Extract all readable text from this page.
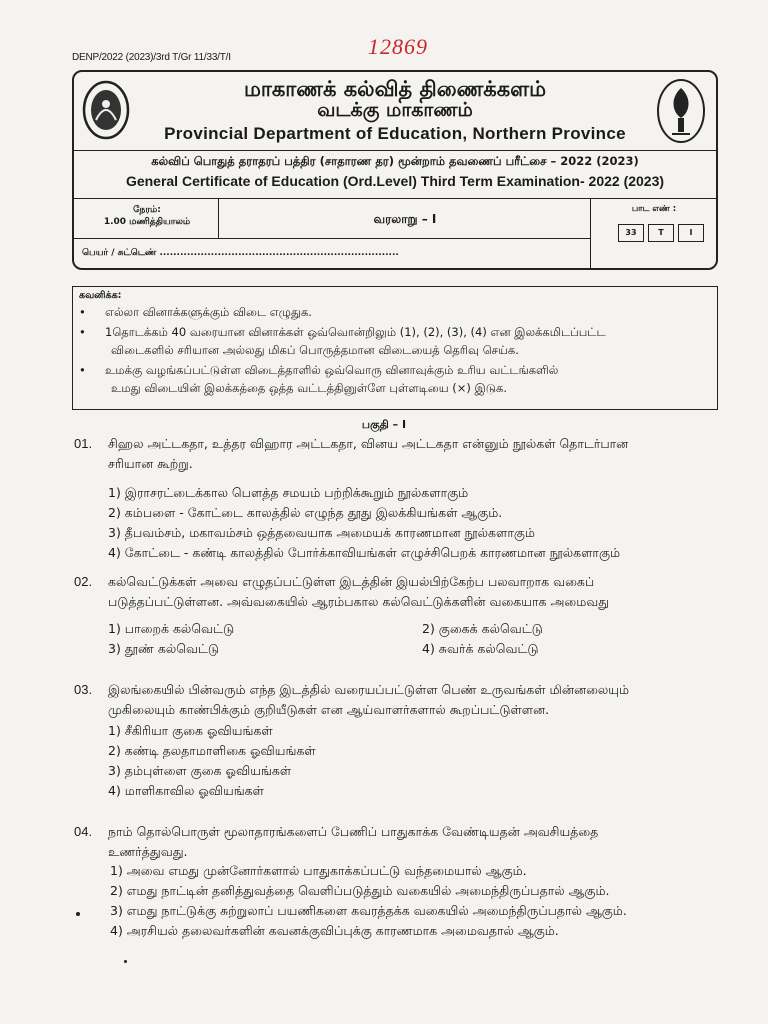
DENP/2022 (2023)/3rd T/Gr 11/33/T/I	12869
மாகாணக் கல்வித் திணைக்களம்
வடக்கு மாகாணம்
Provincial Department of Education, Northern Province
கல்விப் பொதுத் தராதரப் பத்திர (சாதாரண தர) மூன்றாம் தவணைப் பரீட்சை – 2022 (2023)
General Certificate of Education (Ord.Level) Third Term Examination- 2022 (2023)
நேரம்:
1.00 மணித்தியாலம்	வரலாறு – I
பாட எண் :
33	T	I
பெயர் / சுட்டெண் ......................................................................
கவனிக்க:
• எல்லா வினாக்களுக்கும் விடை எழுதுக.
• 1தொடக்கம் 40 வரையான வினாக்கள் ஒவ்வொன்றிலும் (1), (2), (3), (4) என இலக்கமிடப்பட்ட
விடைகளில் சரியான அல்லது மிகப் பொருத்தமான விடையைத் தெரிவு செய்க.
• உமக்கு வழங்கப்பட்டுள்ள விடைத்தாளில் ஒவ்வொரு வினாவுக்கும் உரிய வட்டங்களில்
உமது விடையின் இலக்கத்தை ஒத்த வட்டத்தினுள்ளே புள்ளடியை (×) இடுக.
பகுதி – I
01. சிஹல அட்டகதா, உத்தர விஹார அட்டகதா, வினய அட்டகதா என்னும் நூல்கள் தொடர்பான
சரியான கூற்று.
1) இராசரட்டைக்கால பௌத்த சமயம் பற்றிக்கூறும் நூல்களாகும்
2) கம்பளை - கோட்டை காலத்தில் எழுந்த தூது இலக்கியங்கள் ஆகும்.
3) தீபவம்சம், மகாவம்சம் ஒத்தவையாக அமையக் காரணமான நூல்களாகும்
4) கோட்டை - கண்டி காலத்தில் போர்க்காவியங்கள் எழுச்சிபெறக் காரணமான நூல்களாகும்
02. கல்வெட்டுக்கள் அவை எழுதப்பட்டுள்ள இடத்தின் இயல்பிற்கேற்ப பலவாறாக வகைப்
படுத்தப்பட்டுள்ளன. அவ்வகையில் ஆரம்பகால கல்வெட்டுக்களின் வகையாக அமைவது
1) பாறைக் கல்வெட்டு	2) குகைக் கல்வெட்டு
3) தூண் கல்வெட்டு	4) சுவர்க் கல்வெட்டு
03. இலங்கையில் பின்வரும் எந்த இடத்தில் வரையப்பட்டுள்ள பெண் உருவங்கள் மின்னலையும்
முகிலையும் காண்பிக்கும் குறியீடுகள் என ஆய்வாளர்களால் கூறப்பட்டுள்ளன.
1) சீகிரியா குகை ஓவியங்கள்
2) கண்டி தலதாமாளிகை ஓவியங்கள்
3) தம்புள்ளை குகை ஓவியங்கள்
4) மாளிகாவில ஓவியங்கள்
04. நாம் தொல்பொருள் மூலாதாரங்களைப் பேணிப் பாதுகாக்க வேண்டியதன் அவசியத்தை
உணர்த்துவது.
1) அவை எமது முன்னோர்களால் பாதுகாக்கப்பட்டு வந்தமையால் ஆகும்.
2) எமது நாட்டின் தனித்துவத்தை வெளிப்படுத்தும் வகையில் அமைந்திருப்பதால் ஆகும்.
3) எமது நாட்டுக்கு சுற்றுலாப் பயணிகளை கவரத்தக்க வகையில் அமைந்திருப்பதால் ஆகும்.
4) அரசியல் தலைவர்களின் கவனக்குவிப்புக்கு காரணமாக அமைவதால் ஆகும்.
